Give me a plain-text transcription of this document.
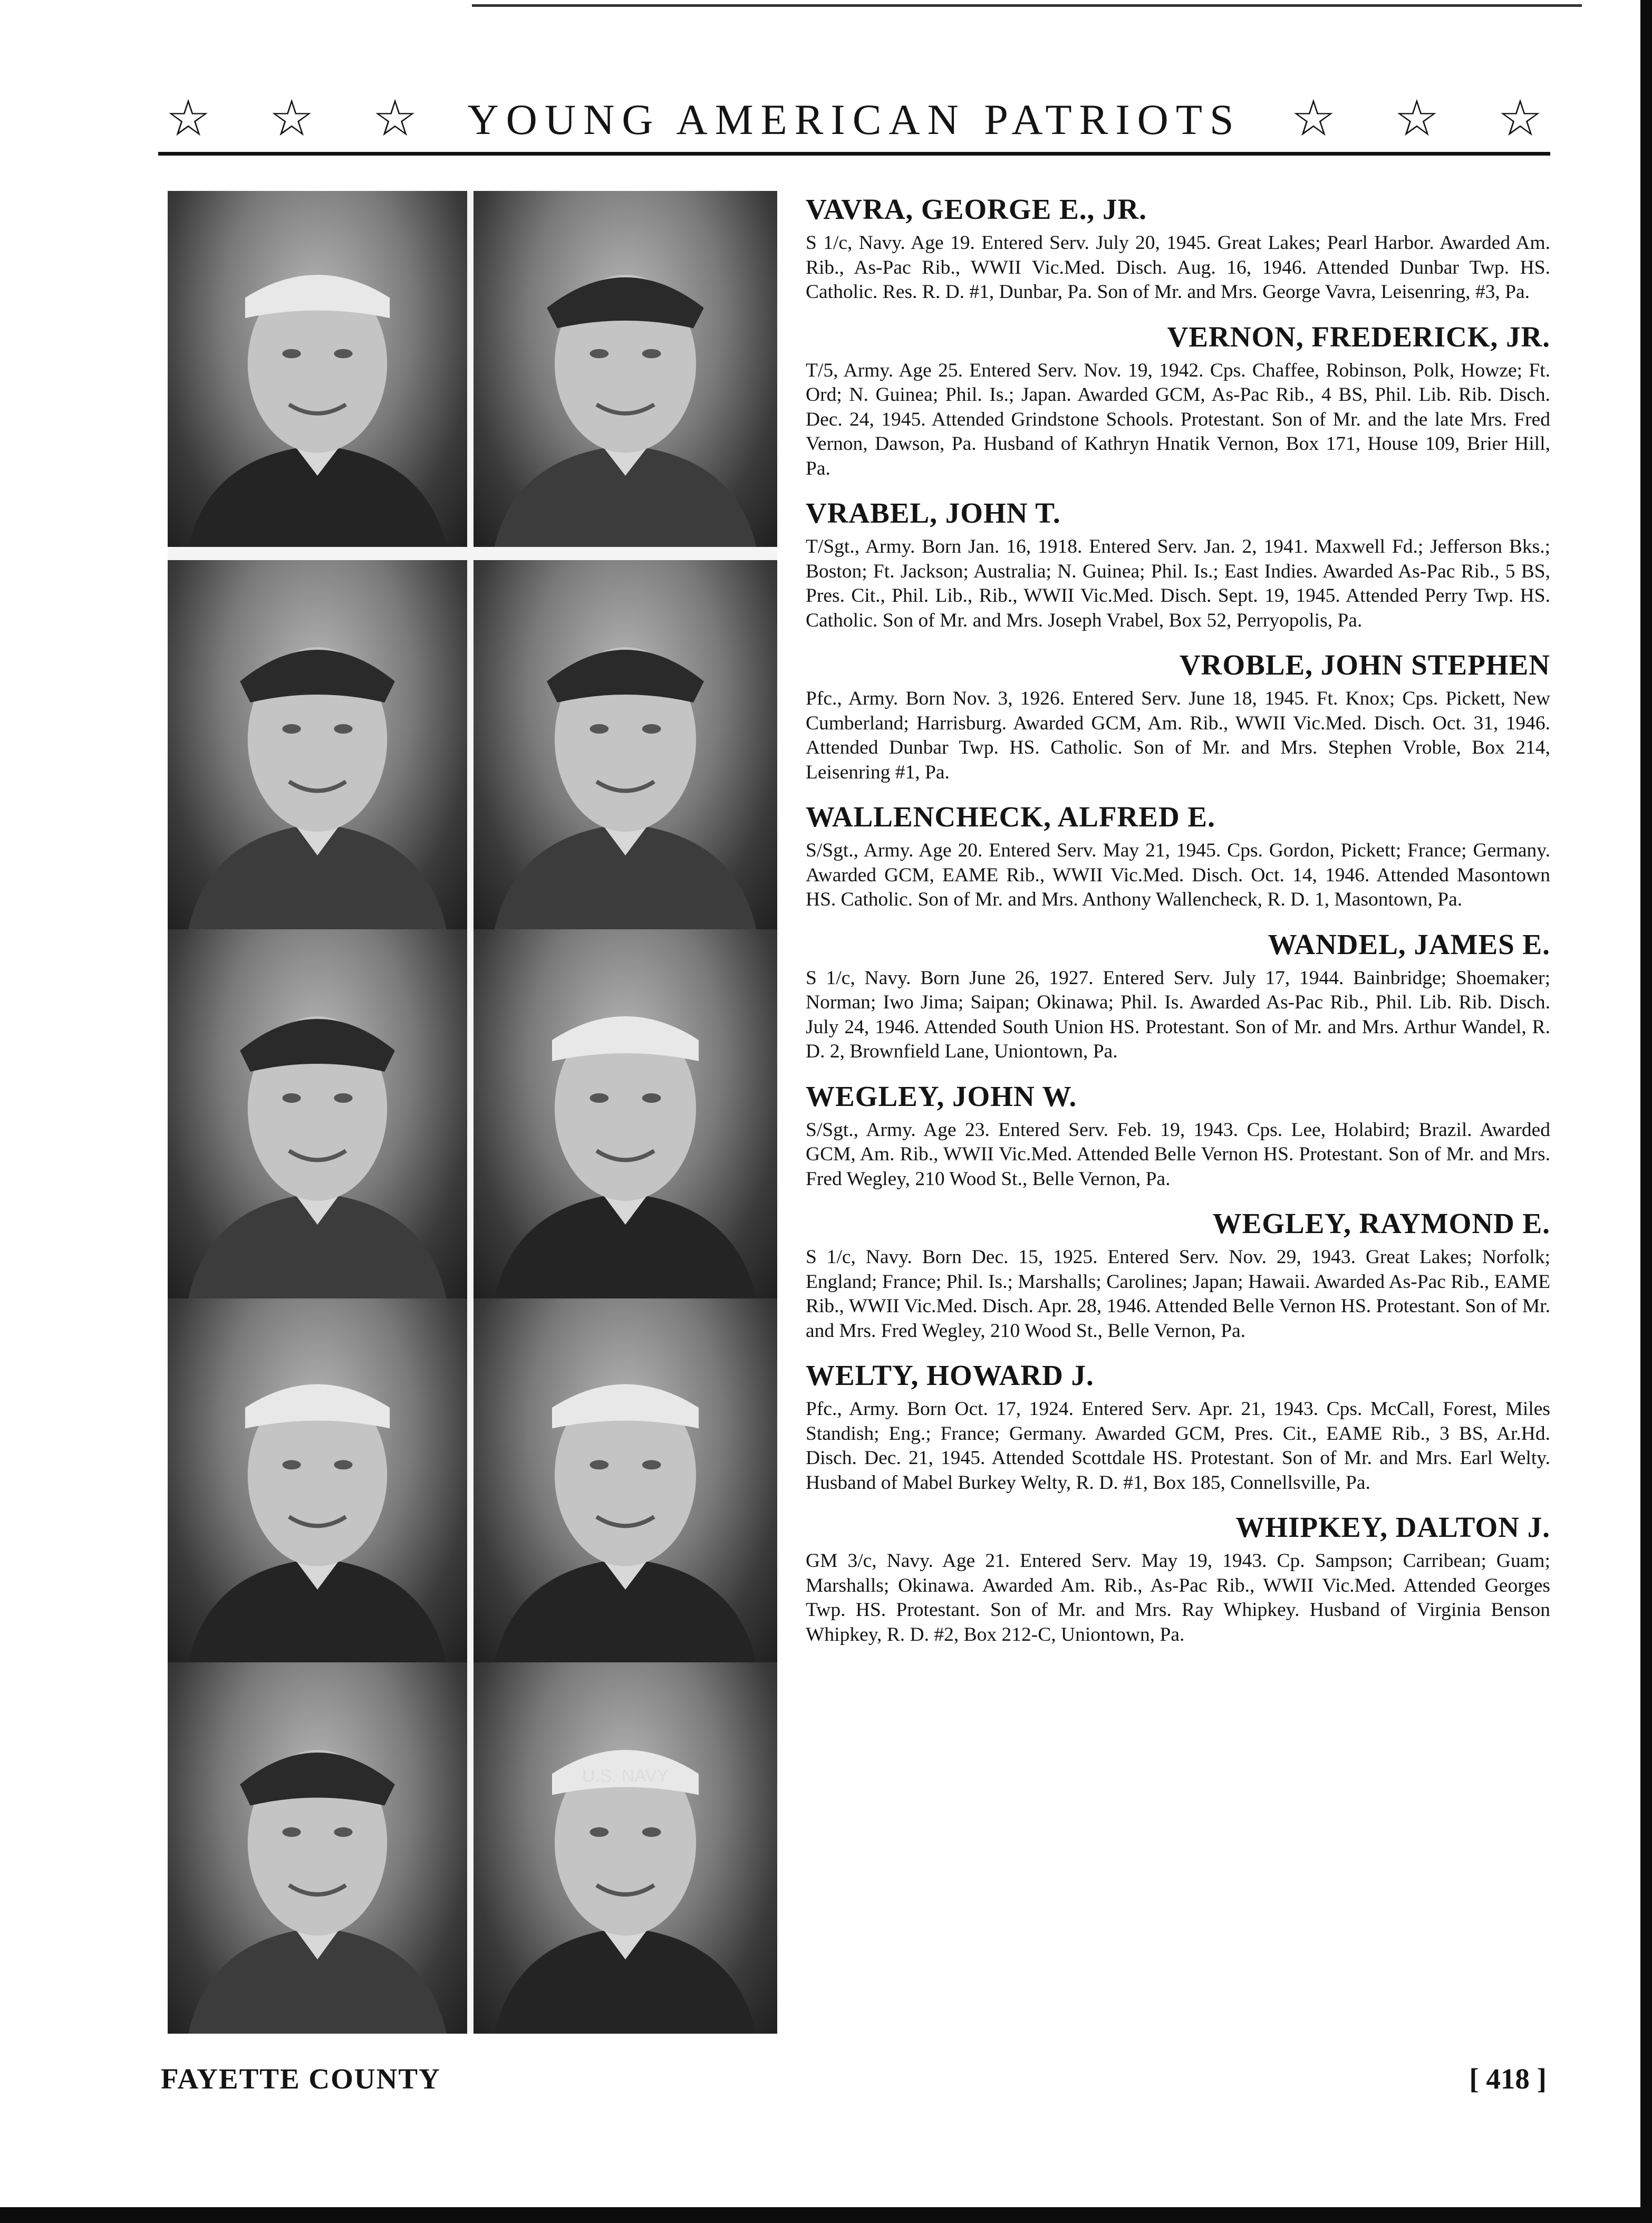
☆☆☆
YOUNG AMERICAN PATRIOTS ☆☆☆
U.S. NAVY
VAVRA, GEORGE E., JR.
S 1/c, Navy. Age 19. Entered Serv. July 20, 1945. Great Lakes; Pearl Harbor. Awarded Am. Rib., As-Pac Rib., WWII Vic.Med. Disch. Aug. 16, 1946. Attended Dunbar Twp. HS. Catholic. Res. R. D. #1, Dunbar, Pa. Son of Mr. and Mrs. George Vavra, Leisenring, #3, Pa.
VERNON, FREDERICK, JR.
T/5, Army. Age 25. Entered Serv. Nov. 19, 1942. Cps. Chaffee, Robinson, Polk, Howze; Ft. Ord; N. Guinea; Phil. Is.; Japan. Awarded GCM, As-Pac Rib., 4 BS, Phil. Lib. Rib. Disch. Dec. 24, 1945. Attended Grindstone Schools. Protestant. Son of Mr. and the late Mrs. Fred Vernon, Dawson, Pa. Husband of Kathryn Hnatik Vernon, Box 171, House 109, Brier Hill, Pa.
VRABEL, JOHN T.
T/Sgt., Army. Born Jan. 16, 1918. Entered Serv. Jan. 2, 1941. Maxwell Fd.; Jefferson Bks.; Boston; Ft. Jackson; Australia; N. Guinea; Phil. Is.; East Indies. Awarded As-Pac Rib., 5 BS, Pres. Cit., Phil. Lib., Rib., WWII Vic.Med. Disch. Sept. 19, 1945. Attended Perry Twp. HS. Catholic. Son of Mr. and Mrs. Joseph Vrabel, Box 52, Perryopolis, Pa.
VROBLE, JOHN STEPHEN
Pfc., Army. Born Nov. 3, 1926. Entered Serv. June 18, 1945. Ft. Knox; Cps. Pickett, New Cumberland; Harrisburg. Awarded GCM, Am. Rib., WWII Vic.Med. Disch. Oct. 31, 1946. Attended Dunbar Twp. HS. Catholic. Son of Mr. and Mrs. Stephen Vroble, Box 214, Leisenring #1, Pa.
WALLENCHECK, ALFRED E.
S/Sgt., Army. Age 20. Entered Serv. May 21, 1945. Cps. Gordon, Pickett; France; Germany. Awarded GCM, EAME Rib., WWII Vic.Med. Disch. Oct. 14, 1946. Attended Masontown HS. Catholic. Son of Mr. and Mrs. Anthony Wallencheck, R. D. 1, Masontown, Pa.
WANDEL, JAMES E.
S 1/c, Navy. Born June 26, 1927. Entered Serv. July 17, 1944. Bainbridge; Shoemaker; Norman; Iwo Jima; Saipan; Okinawa; Phil. Is. Awarded As-Pac Rib., Phil. Lib. Rib. Disch. July 24, 1946. Attended South Union HS. Protestant. Son of Mr. and Mrs. Arthur Wandel, R. D. 2, Brownfield Lane, Uniontown, Pa.
WEGLEY, JOHN W.
S/Sgt., Army. Age 23. Entered Serv. Feb. 19, 1943. Cps. Lee, Holabird; Brazil. Awarded GCM, Am. Rib., WWII Vic.Med. Attended Belle Vernon HS. Protestant. Son of Mr. and Mrs. Fred Wegley, 210 Wood St., Belle Vernon, Pa.
WEGLEY, RAYMOND E.
S 1/c, Navy. Born Dec. 15, 1925. Entered Serv. Nov. 29, 1943. Great Lakes; Norfolk; England; France; Phil. Is.; Marshalls; Carolines; Japan; Hawaii. Awarded As-Pac Rib., EAME Rib., WWII Vic.Med. Disch. Apr. 28, 1946. Attended Belle Vernon HS. Protestant. Son of Mr. and Mrs. Fred Wegley, 210 Wood St., Belle Vernon, Pa.
WELTY, HOWARD J.
Pfc., Army. Born Oct. 17, 1924. Entered Serv. Apr. 21, 1943. Cps. McCall, Forest, Miles Standish; Eng.; France; Germany. Awarded GCM, Pres. Cit., EAME Rib., 3 BS, Ar.Hd. Disch. Dec. 21, 1945. Attended Scottdale HS. Protestant. Son of Mr. and Mrs. Earl Welty. Husband of Mabel Burkey Welty, R. D. #1, Box 185, Connellsville, Pa.
WHIPKEY, DALTON J.
GM 3/c, Navy. Age 21. Entered Serv. May 19, 1943. Cp. Sampson; Carribean; Guam; Marshalls; Okinawa. Awarded Am. Rib., As-Pac Rib., WWII Vic.Med. Attended Georges Twp. HS. Protestant. Son of Mr. and Mrs. Ray Whipkey. Husband of Virginia Benson Whipkey, R. D. #2, Box 212-C, Uniontown, Pa.
FAYETTE COUNTY	[ 418 ]
